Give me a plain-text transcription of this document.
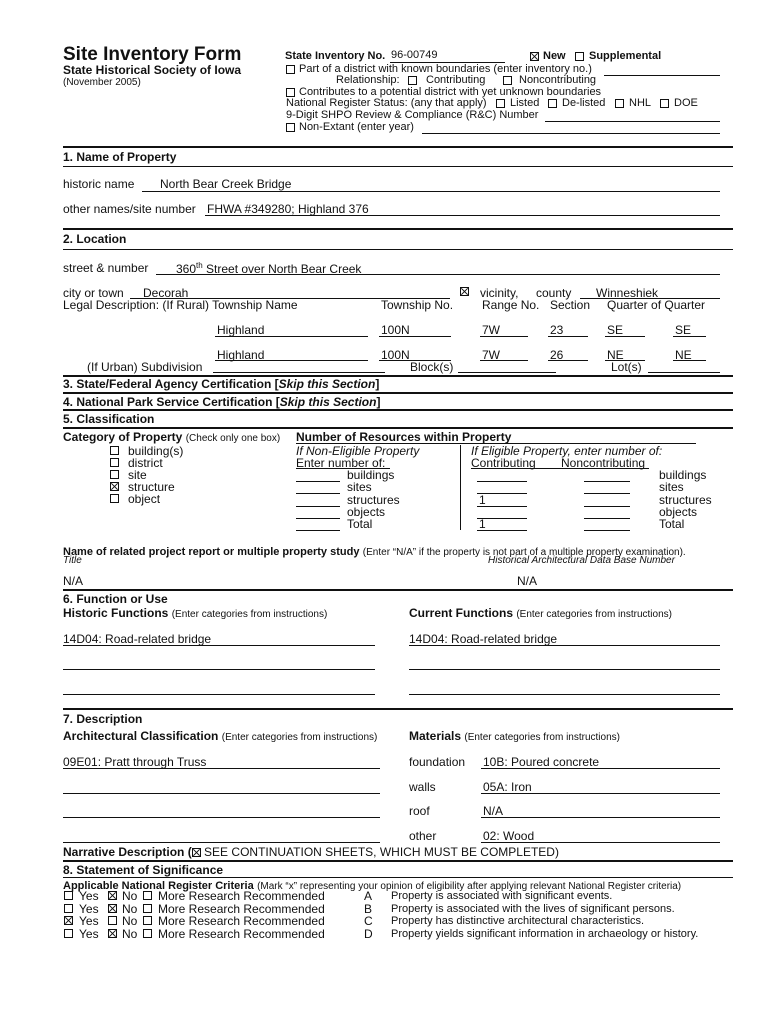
Site Inventory Form
State Historical Society of Iowa
(November 2005)
State Inventory No. 96-00749	New Supplemental
Part of a district with known boundaries (enter inventory no.)
Relationship: Contributing	Noncontributing
Contributes to a potential district with yet unknown boundaries
National Register Status: (any that apply) Listed De-listed NHL DOE
9-Digit SHPO Review & Compliance (R&C) Number
Non-Extant (enter year)
1. Name of Property
historic name North Bear Creek Bridge
other names/site number FHWA #349280; Highland 376
2. Location
street & number 360th Street over North Bear Creek
city or town Decorah	vicinity, county Winneshiek
Legal Description: (If Rural) Township Name	Township No. Range No. Section Quarter of Quarter
Highland	100N	7W	23	SE	SE
Highland	100N	7W	26	NE	NE
(If Urban) Subdivision	Block(s)	Lot(s)
3. State/Federal Agency Certification [Skip this Section]
4. National Park Service Certification [Skip this Section]
5. Classification
Category of Property (Check only one box)
building(s)
district
site
structure
object
Number of Resources within Property
If Non-Eligible Property
Enter number of:
buildings
sites
structures
objects
Total
If Eligible Property, enter number of:
Contributing Noncontributing
buildings
sites
1	structures
objects
1	Total
Name of related project report or multiple property study (Enter “N/A” if the property is not part of a multiple property examination).
Title	Historical Architectural Data Base Number
N/A	N/A
6. Function or Use
Historic Functions (Enter categories from instructions)	Current Functions (Enter categories from instructions)
14D04: Road-related bridge	14D04: Road-related bridge
7. Description
Architectural Classification (Enter categories from instructions)	Materials (Enter categories from instructions)
09E01: Pratt through Truss	foundation 10B: Poured concrete
walls	05A: Iron
roof	N/A
other	02: Wood
Narrative Description ( SEE CONTINUATION SHEETS, WHICH MUST BE COMPLETED)
8. Statement of Significance
Applicable National Register Criteria (Mark “x” representing your opinion of eligibility after applying relevant National Register criteria)
Yes No More Research Recommended	A Property is associated with significant events.
Yes No More Research Recommended	B Property is associated with the lives of significant persons.
Yes No More Research Recommended	C Property has distinctive architectural characteristics.
Yes No More Research Recommended	D Property yields significant information in archaeology or history.
